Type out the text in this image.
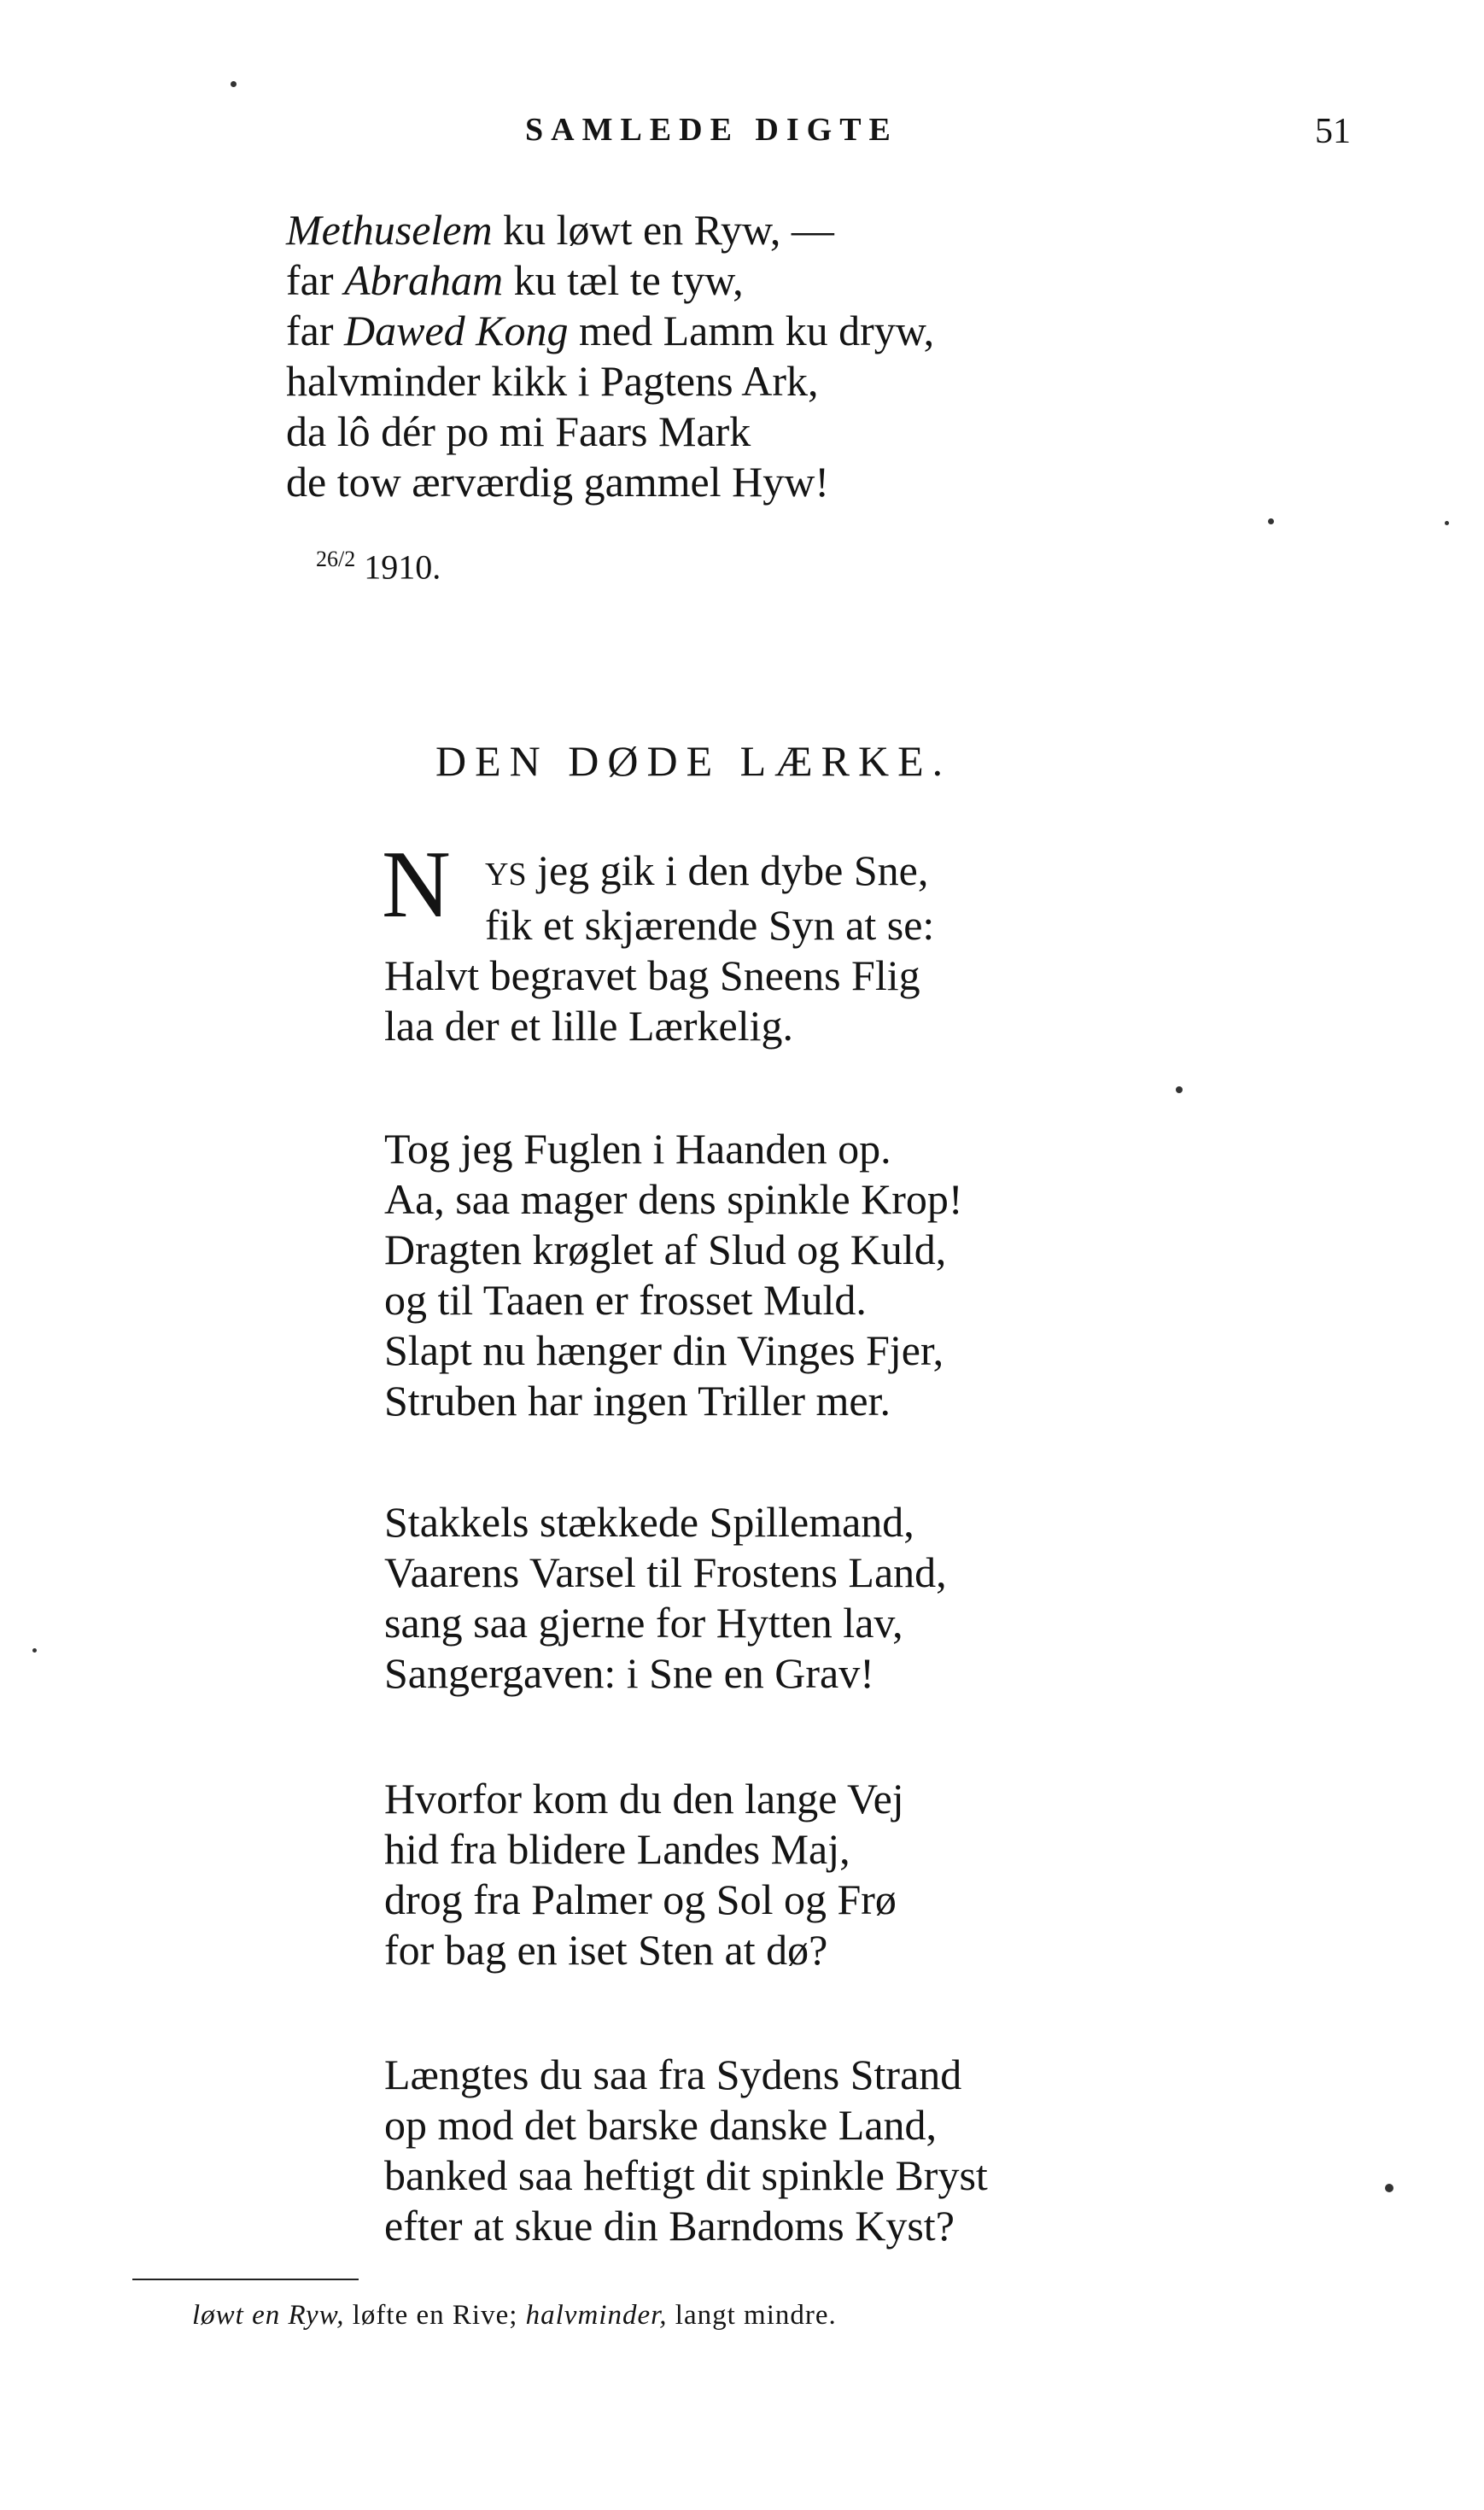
SAMLEDE DIGTE	51
Methuselem ku løwt en Ryw, —
far Abraham ku tæl te tyw,
far Dawed Kong med Lamm ku dryw,
halvminder kikk i Pagtens Ark,
da lô dér po mi Faars Mark
de tow ærværdig gammel Hyw!
$^{26/2}$ 1910.
DEN DØDE LÆRKE.
N	YS jeg gik i den dybe Sne,
fik et skjærende Syn at se:
Halvt begravet bag Sneens Flig
laa der et lille Lærkelig.
Tog jeg Fuglen i Haanden op.
Aa, saa mager dens spinkle Krop!
Dragten krøglet af Slud og Kuld,
og til Taaen er frosset Muld.
Slapt nu hænger din Vinges Fjer,
Struben har ingen Triller mer.
Stakkels stækkede Spillemand,
Vaarens Varsel til Frostens Land,
sang saa gjerne for Hytten lav,
Sangergaven: i Sne en Grav!
Hvorfor kom du den lange Vej
hid fra blidere Landes Maj,
drog fra Palmer og Sol og Frø
for bag en iset Sten at dø?
Længtes du saa fra Sydens Strand
op mod det barske danske Land,
banked saa heftigt dit spinkle Bryst
efter at skue din Barndoms Kyst?
løwt en Ryw, løfte en Rive; halvminder, langt mindre.
